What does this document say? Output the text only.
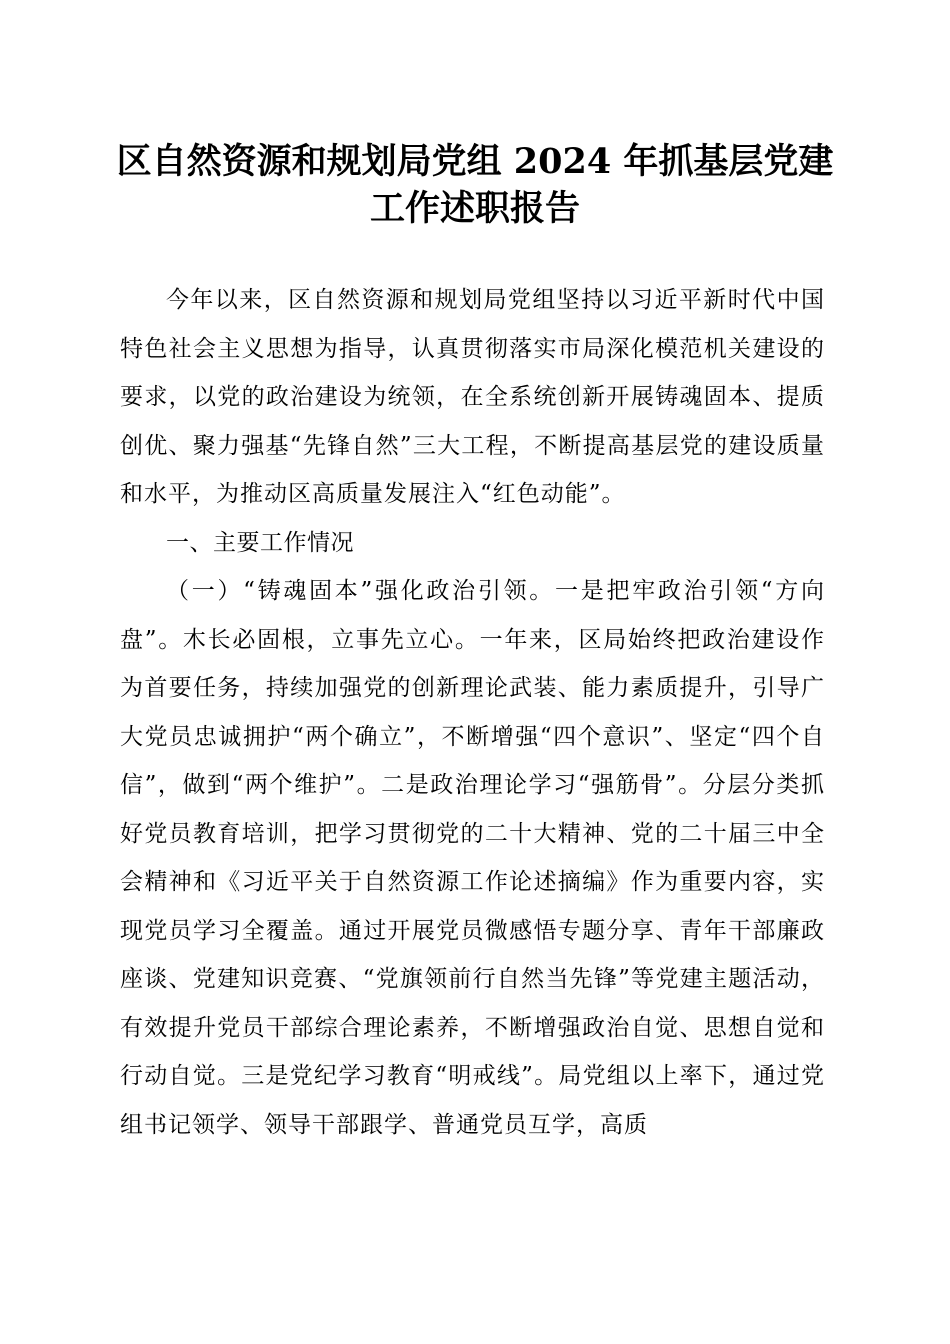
区自然资源和规划局党组 2024 年抓基层党建
工作述职报告

今年以来，区自然资源和规划局党组坚持以习近平新时代中国特色社会主义思想为指导，认真贯彻落实市局深化模范机关建设的要求，以党的政治建设为统领，在全系统创新开展铸魂固本、提质创优、聚力强基“先锋自然”三大工程，不断提高基层党的建设质量和水平，为推动区高质量发展注入“红色动能”。

一、主要工作情况

（一）“铸魂固本”强化政治引领。一是把牢政治引领“方向盘”。木长必固根，立事先立心。一年来，区局始终把政治建设作为首要任务，持续加强党的创新理论武装、能力素质提升，引导广大党员忠诚拥护“两个确立”，不断增强“四个意识”、坚定“四个自信”，做到“两个维护”。二是政治理论学习“强筋骨”。分层分类抓好党员教育培训，把学习贯彻党的二十大精神、党的二十届三中全会精神和《习近平关于自然资源工作论述摘编》作为重要内容，实现党员学习全覆盖。通过开展党员微感悟专题分享、青年干部廉政座谈、党建知识竞赛、“党旗领前行自然当先锋”等党建主题活动，有效提升党员干部综合理论素养，不断增强政治自觉、思想自觉和行动自觉。三是党纪学习教育“明戒线”。局党组以上率下，通过党组书记领学、领导干部跟学、普通党员互学，高质
